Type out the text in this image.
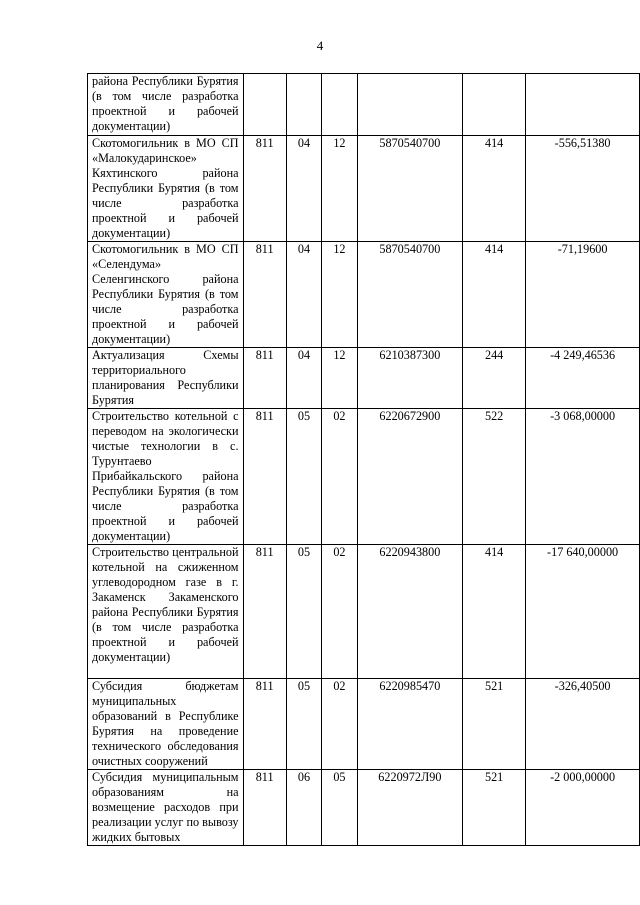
4
района Республики Бурятия (в том числе разработка проектной и рабочей документации)						

Скотомогильник в МО СП «Малокударинское» Кяхтинского района Республики Бурятия (в том числе разработка проектной и рабочей документации)	811	04	12	5870540700	414	-556,51380

Скотомогильник в МО СП «Селендума» Селенгинского района Республики Бурятия (в том числе разработка проектной и рабочей документации)	811	04	12	5870540700	414	-71,19600

Актуализация Схемы территориального планирования Республики Бурятия	811	04	12	6210387300	244	-4 249,46536

Строительство котельной с переводом на экологически чистые технологии в с. Турунтаево Прибайкальского района Республики Бурятия (в том числе разработка проектной и рабочей документации)	811	05	02	6220672900	522	-3 068,00000

Строительство центральной котельной на сжиженном углеводородном газе в г. Закаменск Закаменского района Республики Бурятия (в том числе разработка проектной и рабочей документации)	811	05	02	6220943800	414	-17 640,00000

Субсидия бюджетам муниципальных образований в Республике Бурятия на проведение технического обследования очистных сооружений	811	05	02	6220985470	521	-326,40500

Субсидия муниципальным образованиям на возмещение расходов при реализации услуг по вывозу жидких бытовых	811	06	05	6220972Л90	521	-2 000,00000
